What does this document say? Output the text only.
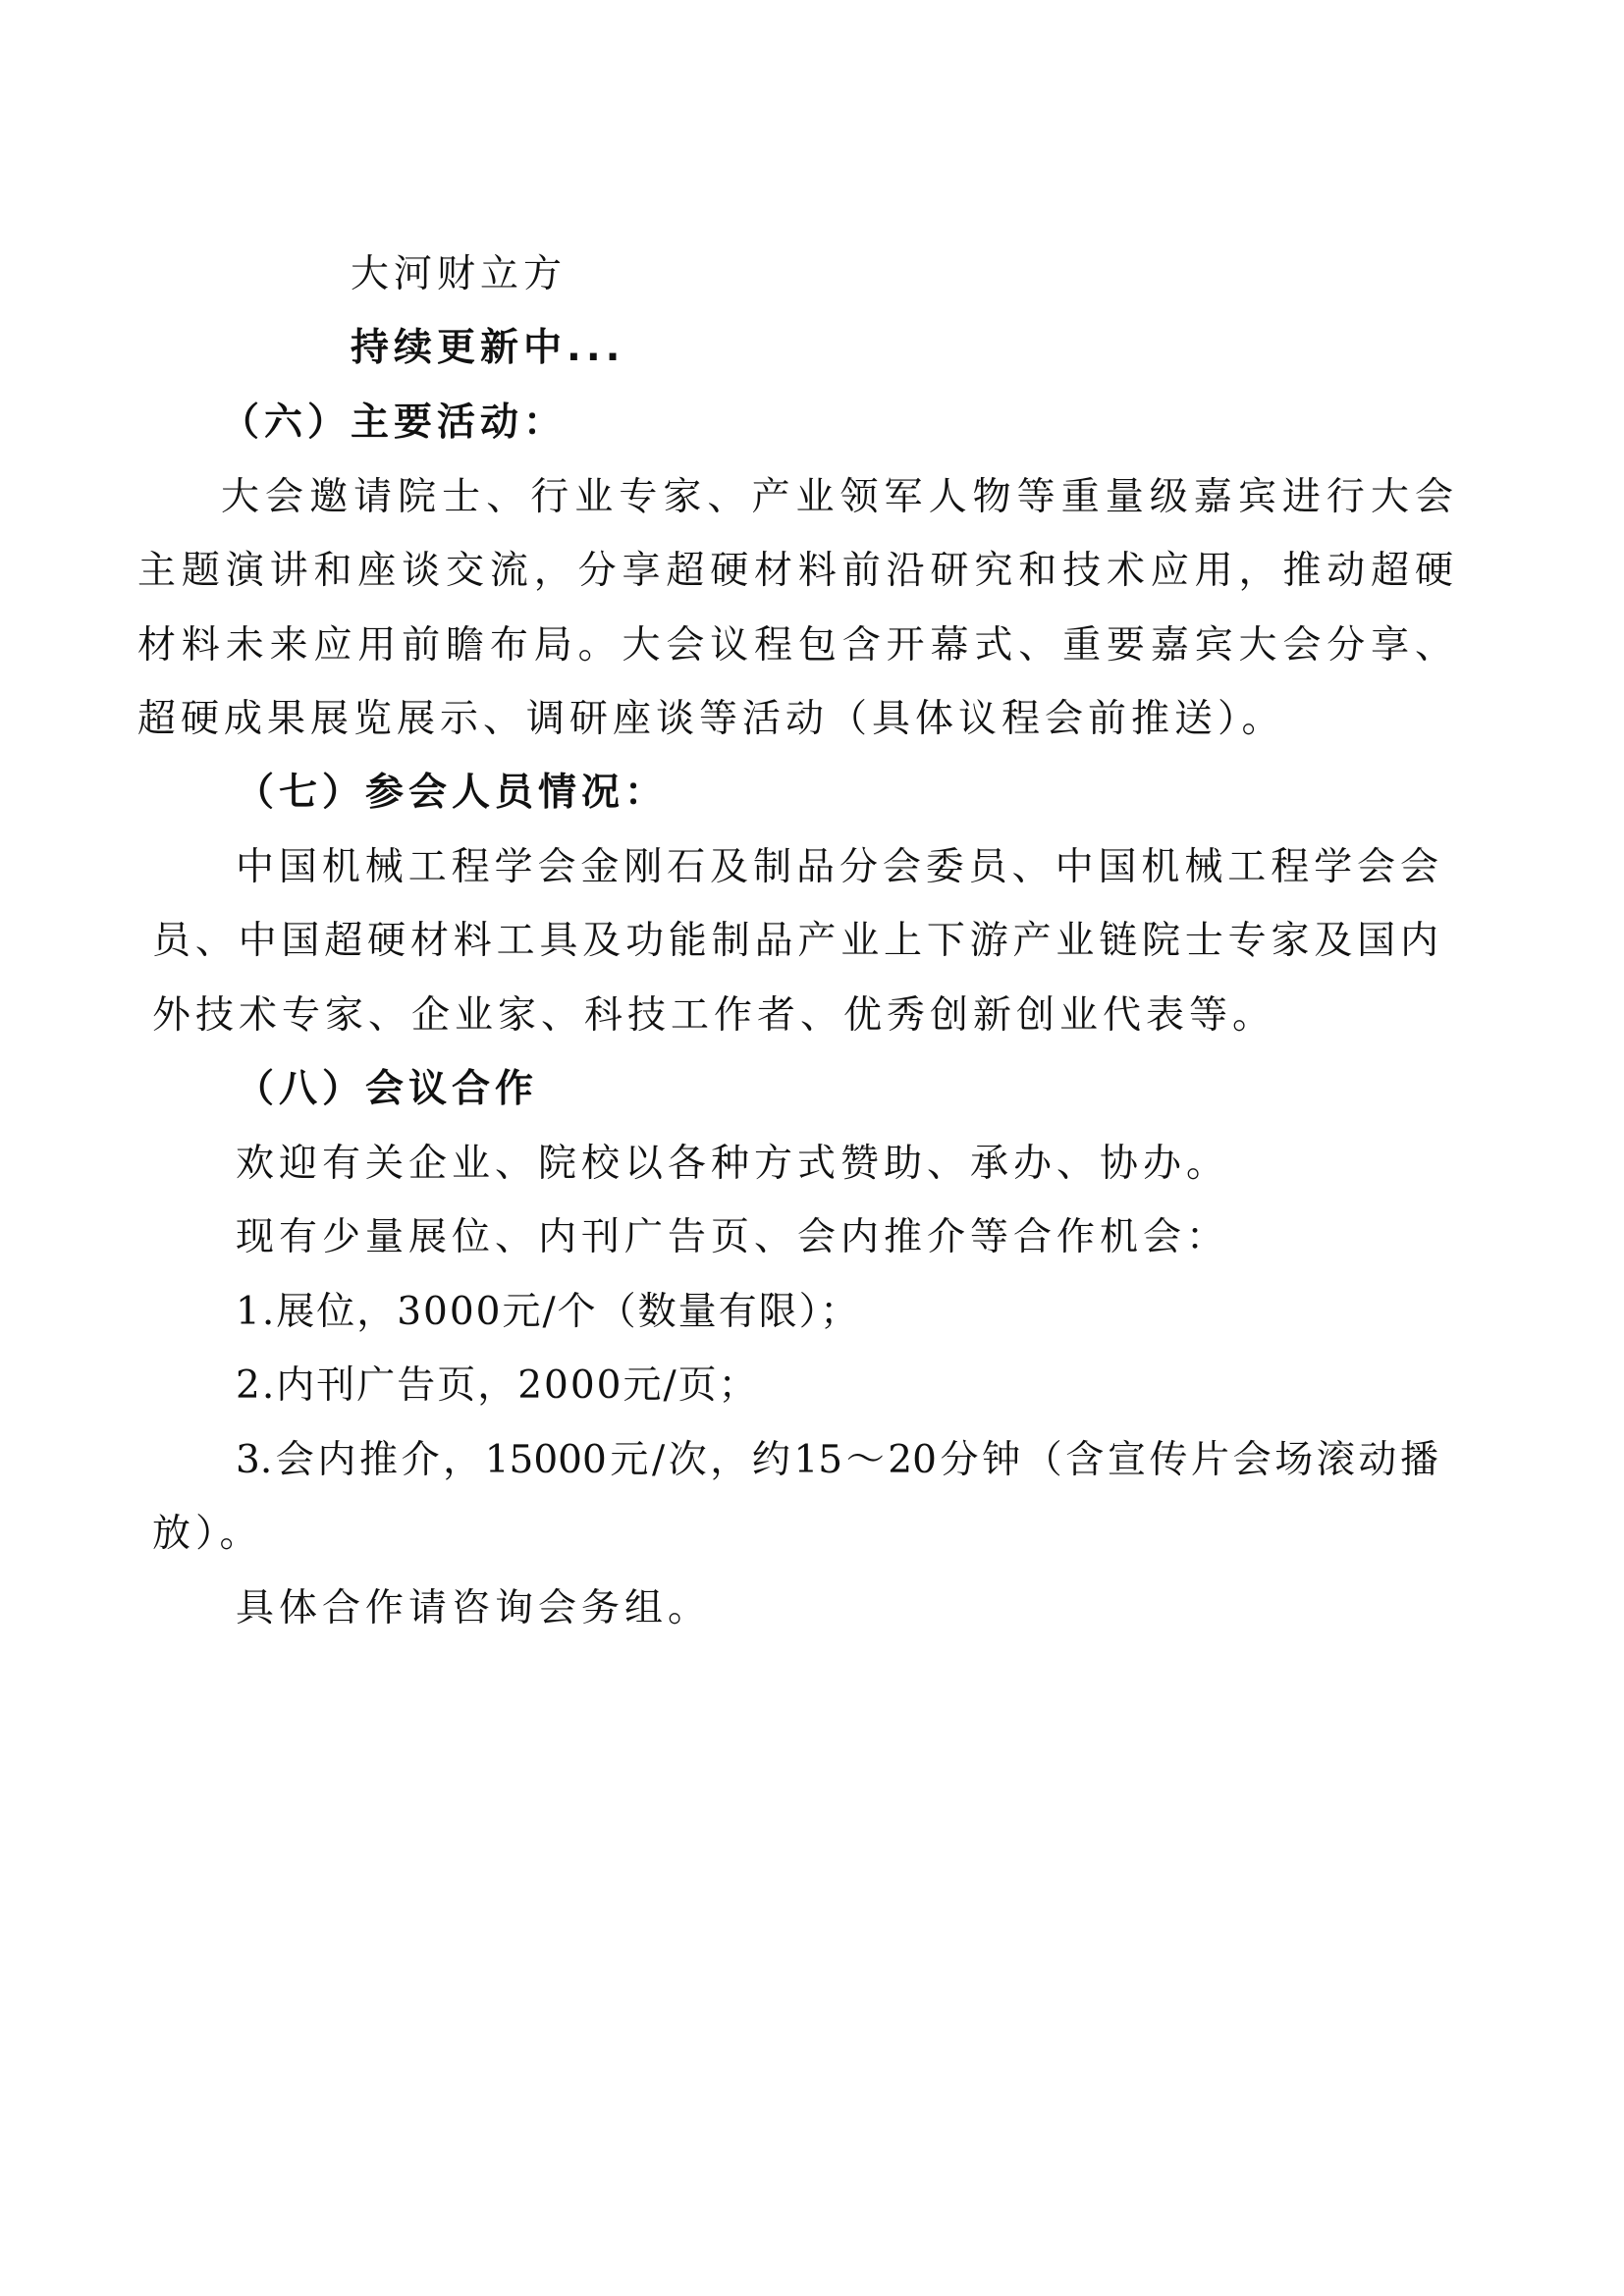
大河财立方
持续更新中...
（六）主要活动：
大会邀请院士、行业专家、产业领军人物等重量级嘉宾进行大会
主题演讲和座谈交流，分享超硬材料前沿研究和技术应用，推动超硬
材料未来应用前瞻布局。大会议程包含开幕式、重要嘉宾大会分享、
超硬成果展览展示、调研座谈等活动（具体议程会前推送）。
（七）参会人员情况：
中国机械工程学会金刚石及制品分会委员、中国机械工程学会会
员、中国超硬材料工具及功能制品产业上下游产业链院士专家及国内
外技术专家、企业家、科技工作者、优秀创新创业代表等。
（八）会议合作
欢迎有关企业、院校以各种方式赞助、承办、协办。
现有少量展位、内刊广告页、会内推介等合作机会：
1.展位，3000元/个（数量有限）；
2.内刊广告页，2000元/页；
3.会内推介，15000元/次，约15～20分钟（含宣传片会场滚动播
放）。
具体合作请咨询会务组。
